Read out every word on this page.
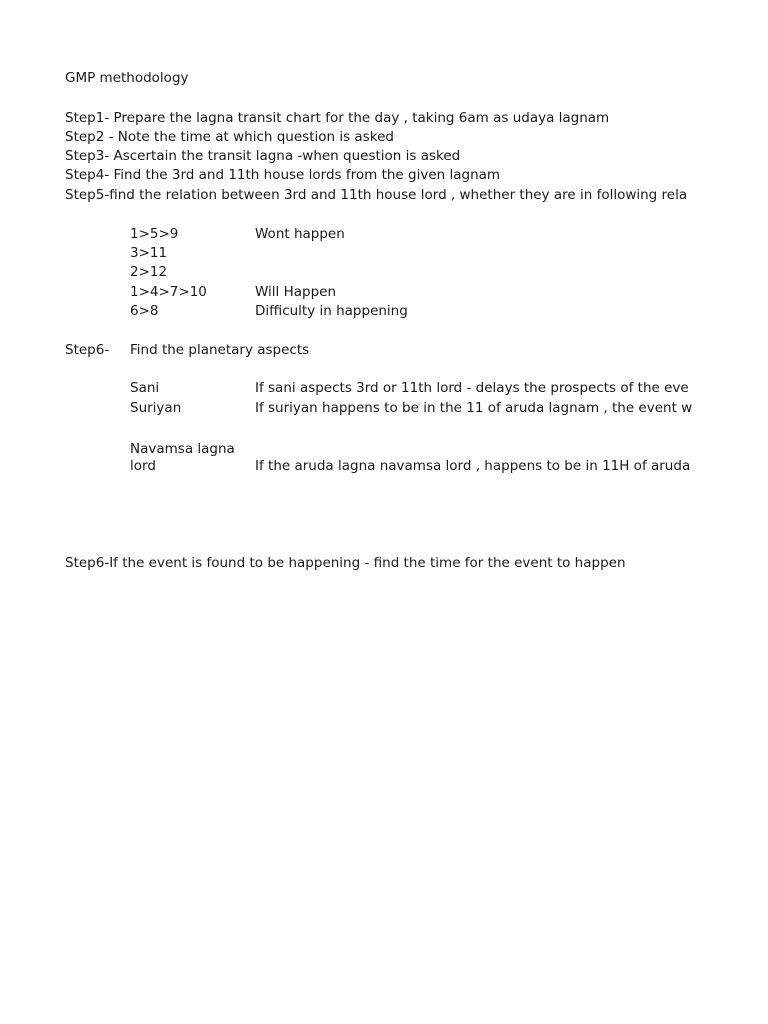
GMP methodology
Step1- Prepare the lagna transit chart for the day , taking 6am as udaya lagnam
Step2 - Note the time at which question is asked
Step3- Ascertain the transit lagna -when question is asked
Step4- Find the 3rd and 11th house lords from the given lagnam
Step5-find the relation between 3rd and 11th house lord , whether they are in following rela
1>5>9	Wont happen
3>11
2>12
1>4>7>10	Will Happen
6>8	Difficulty in happening
Step6- Find the planetary aspects
Sani	If sani aspects 3rd or 11th lord - delays the prospects of the eve
Suriyan	If suriyan happens to be in the 11 of aruda lagnam , the event w
Navamsa lagna lord	If the aruda lagna navamsa lord , happens to be in 11H of aruda
Step6-If the event is found to be happening - find the time for the event to happen
